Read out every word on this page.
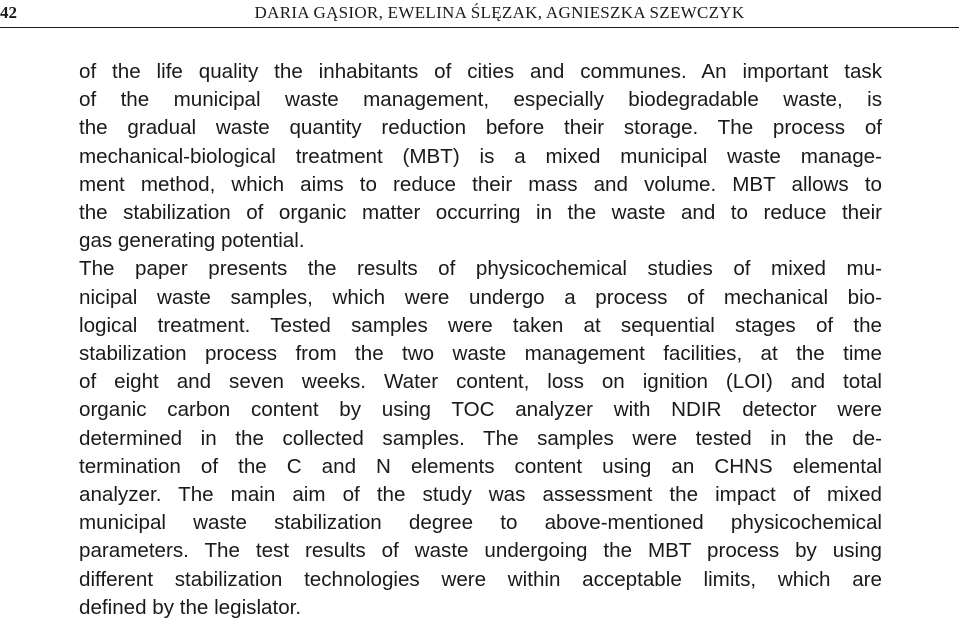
42	DARIA GĄSIOR, EWELINA ŚLĘZAK, AGNIESZKA SZEWCZYK

of the life quality the inhabitants of cities and communes. An important task

of the municipal waste management, especially biodegradable waste, is

the gradual waste quantity reduction before their storage. The process of

mechanical-biological treatment (MBT) is a mixed municipal waste manage-

ment method, which aims to reduce their mass and volume. MBT allows to

the stabilization of organic matter occurring in the waste and to reduce their

gas generating potential.

The paper presents the results of physicochemical studies of mixed mu-

nicipal waste samples, which were undergo a process of mechanical bio-

logical treatment. Tested samples were taken at sequential stages of the

stabilization process from the two waste management facilities, at the time

of eight and seven weeks. Water content, loss on ignition (LOI) and total

organic carbon content by using TOC analyzer with NDIR detector were

determined in the collected samples. The samples were tested in the de-

termination of the C and N elements content using an CHNS elemental

analyzer. The main aim of the study was assessment the impact of mixed

municipal waste stabilization degree to above-mentioned physicochemical

parameters. The test results of waste undergoing the MBT process by using

different stabilization technologies were within acceptable limits, which are

defined by the legislator.
